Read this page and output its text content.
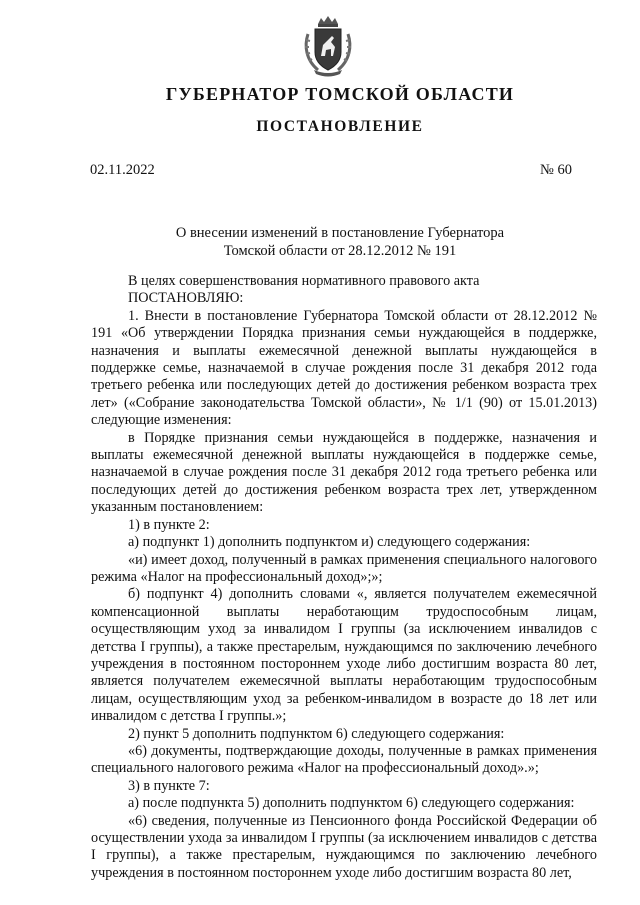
ГУБЕРНАТОР ТОМСКОЙ ОБЛАСТИ
ПОСТАНОВЛЕНИЕ
02.11.2022	№ 60
О внесении изменений в постановление Губернатора
Томской области от 28.12.2012 № 191

В целях совершенствования нормативного правового акта

ПОСТАНОВЛЯЮ:

1. Внести в постановление Губернатора Томской области от 28.12.2012 № 191 «Об утверждении Порядка признания семьи нуждающейся в поддержке, назначения и выплаты ежемесячной денежной выплаты нуждающейся в поддержке семье, назначаемой в случае рождения после 31 декабря 2012 года третьего ребенка или последующих детей до достижения ребенком возраста трех лет» («Собрание законодательства Томской области», № 1/1 (90) от 15.01.2013) следующие изменения:

в Порядке признания семьи нуждающейся в поддержке, назначения и выплаты ежемесячной денежной выплаты нуждающейся в поддержке семье, назначаемой в случае рождения после 31 декабря 2012 года третьего ребенка или последующих детей до достижения ребенком возраста трех лет, утвержденном указанным постановлением:

1) в пункте 2:

а) подпункт 1) дополнить подпунктом и) следующего содержания:

«и) имеет доход, полученный в рамках применения специального налогового режима «Налог на профессиональный доход»;»;

б) подпункт 4) дополнить словами «, является получателем ежемесячной компенсационной выплаты неработающим трудоспособным лицам, осуществляющим уход за инвалидом I группы (за исключением инвалидов с детства I группы), а также престарелым, нуждающимся по заключению лечебного учреждения в постоянном постороннем уходе либо достигшим возраста 80 лет, является получателем ежемесячной выплаты неработающим трудоспособным лицам, осуществляющим уход за ребенком-инвалидом в возрасте до 18 лет или инвалидом с детства I группы.»;

2) пункт 5 дополнить подпунктом 6) следующего содержания:

«6) документы, подтверждающие доходы, полученные в рамках применения специального налогового режима «Налог на профессиональный доход».»;

3) в пункте 7:

а) после подпункта 5) дополнить подпунктом 6) следующего содержания:

«6) сведения, полученные из Пенсионного фонда Российской Федерации об осуществлении ухода за инвалидом I группы (за исключением инвалидов с детства I группы), а также престарелым, нуждающимся по заключению лечебного учреждения в постоянном постороннем уходе либо достигшим возраста 80 лет,
